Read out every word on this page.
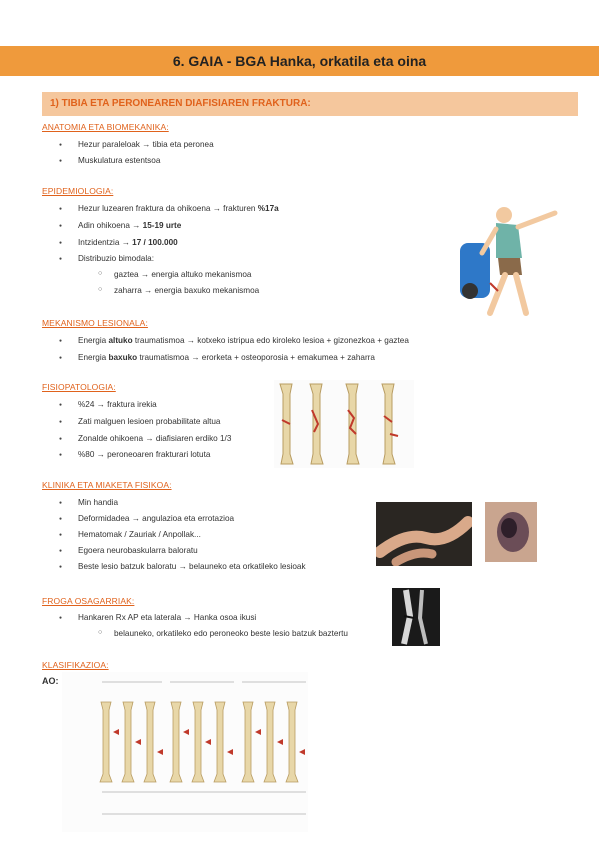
6. GAIA - BGA Hanka, orkatila eta oina
1) TIBIA ETA PERONEAREN DIAFISIAREN FRAKTURA:
ANATOMIA ETA BIOMEKANIKA:
● Hezur paraleloak → tibia eta peronea
● Muskulatura estentsoa
EPIDEMIOLOGIA:
● Hezur luzearen fraktura da ohikoena → frakturen %17a
● Adin ohikoena → 15-19 urte
● Intzidentzia → 17 / 100.000
● Distribuzio bimodala:
○ gaztea → energia altuko mekanismoa
○ zaharra → energia baxuko mekanismoa
MEKANISMO LESIONALA:
● Energia altuko traumatismoa → kotxeko istripua edo kiroleko lesioa + gizonezkoa + gaztea
● Energia baxuko traumatismoa → erorketa + osteoporosia + emakumea + zaharra
FISIOPATOLOGIA:
● %24 → fraktura irekia
● Zati malguen lesioen probabilitate altua
● Zonalde ohikoena → diafisiaren erdiko 1/3
● %80 → peroneoaren frakturari lotuta
KLINIKA ETA MIAKETA FISIKOA:
● Min handia
● Deformidadea → angulazioa eta errotazioa
● Hematomak / Zauriak / Anpollak...
● Egoera neurobaskularra baloratu
● Beste lesio batzuk baloratu → belauneko eta orkatileko lesioak
FROGA OSAGARRIAK:
● Hankaren Rx AP eta laterala → Hanka osoa ikusi
○ belauneko, orkatileko edo peroneoko beste lesio batzuk baztertu
KLASIFIKAZIOA:
AO:
